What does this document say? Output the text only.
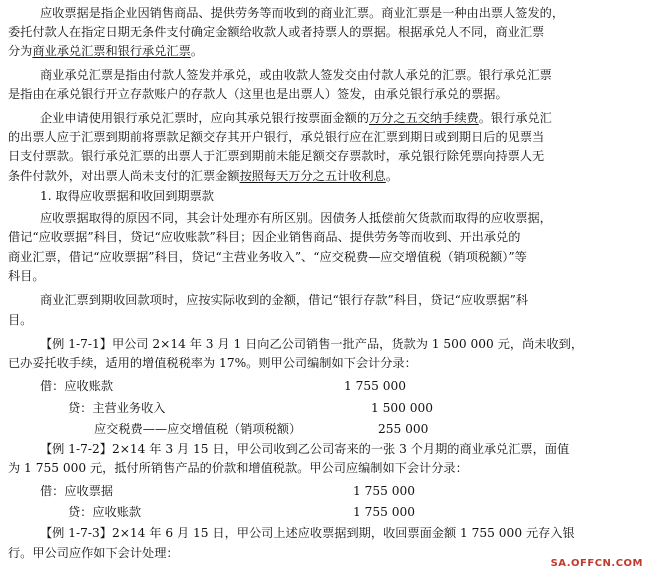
应收票据是指企业因销售商品、提供劳务等而收到的商业汇票。商业汇票是一种由出票人签发的，
委托付款人在指定日期无条件支付确定金额给收款人或者持票人的票据。根据承兑人不同，商业汇票
分为商业承兑汇票和银行承兑汇票。
商业承兑汇票是指由付款人签发并承兑，或由收款人签发交由付款人承兑的汇票。银行承兑汇票
是指由在承兑银行开立存款账户的存款人（这里也是出票人）签发，由承兑银行承兑的票据。
企业申请使用银行承兑汇票时，应向其承兑银行按票面金额的万分之五交纳手续费。银行承兑汇
的出票人应于汇票到期前将票款足额交存其开户银行，承兑银行应在汇票到期日或到期日后的见票当
日支付票款。银行承兑汇票的出票人于汇票到期前未能足额交存票款时，承兑银行除凭票向持票人无
条件付款外，对出票人尚未支付的汇票金额按照每天万分之五计收利息。
1. 取得应收票据和收回到期票款
应收票据取得的原因不同，其会计处理亦有所区别。因债务人抵偿前欠货款而取得的应收票据，
借记“应收票据”科目，贷记“应收账款”科目；因企业销售商品、提供劳务等而收到、开出承兑的
商业汇票，借记“应收票据”科目，贷记“主营业务收入”、“应交税费—应交增值税（销项税额）”等
科目。
商业汇票到期收回款项时，应按实际收到的金额，借记“银行存款”科目，贷记“应收票据”科
目。
【例 1-7-1】甲公司 2×14 年 3 月 1 日向乙公司销售一批产品，货款为 1 500 000 元，尚未收到，
已办妥托收手续，适用的增值税税率为 17%。则甲公司编制如下会计分录：
借：应收账款	1 755 000
贷：主营业务收入	1 500 000
应交税费——应交增值税（销项税额）	255 000
【例 1-7-2】2×14 年 3 月 15 日，甲公司收到乙公司寄来的一张 3 个月期的商业承兑汇票，面值
为 1 755 000 元，抵付所销售产品的价款和增值税款。甲公司应编制如下会计分录：
借：应收票据	1 755 000
贷：应收账款	1 755 000
【例 1-7-3】2×14 年 6 月 15 日，甲公司上述应收票据到期，收回票面金额 1 755 000 元存入银
行。甲公司应作如下会计处理：
SA.OFFCN.COM
